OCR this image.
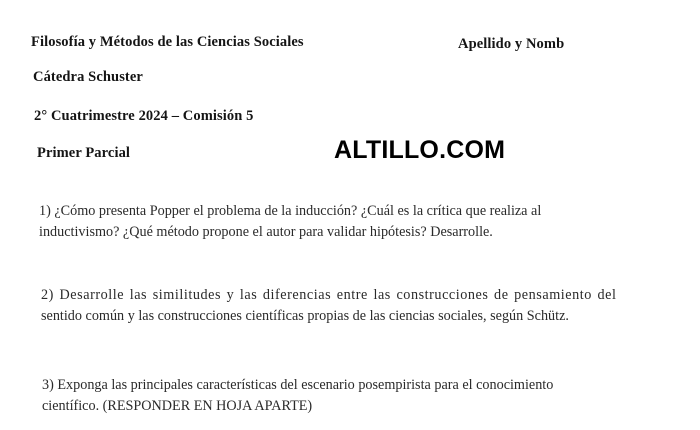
Filosofía y Métodos de las Ciencias Sociales	Apellido y Nomb
Cátedra Schuster
2° Cuatrimestre 2024 – Comisión 5
Primer Parcial	ALTILLO.COM
1) ¿Cómo presenta Popper el problema de la inducción? ¿Cuál es la crítica que realiza al
inductivismo? ¿Qué método propone el autor para validar hipótesis? Desarrolle.
2) Desarrolle las similitudes y las diferencias entre las construcciones de pensamiento del
sentido común y las construcciones científicas propias de las ciencias sociales, según Schütz.
3) Exponga las principales características del escenario posempirista para el conocimiento
científico. (RESPONDER EN HOJA APARTE)
